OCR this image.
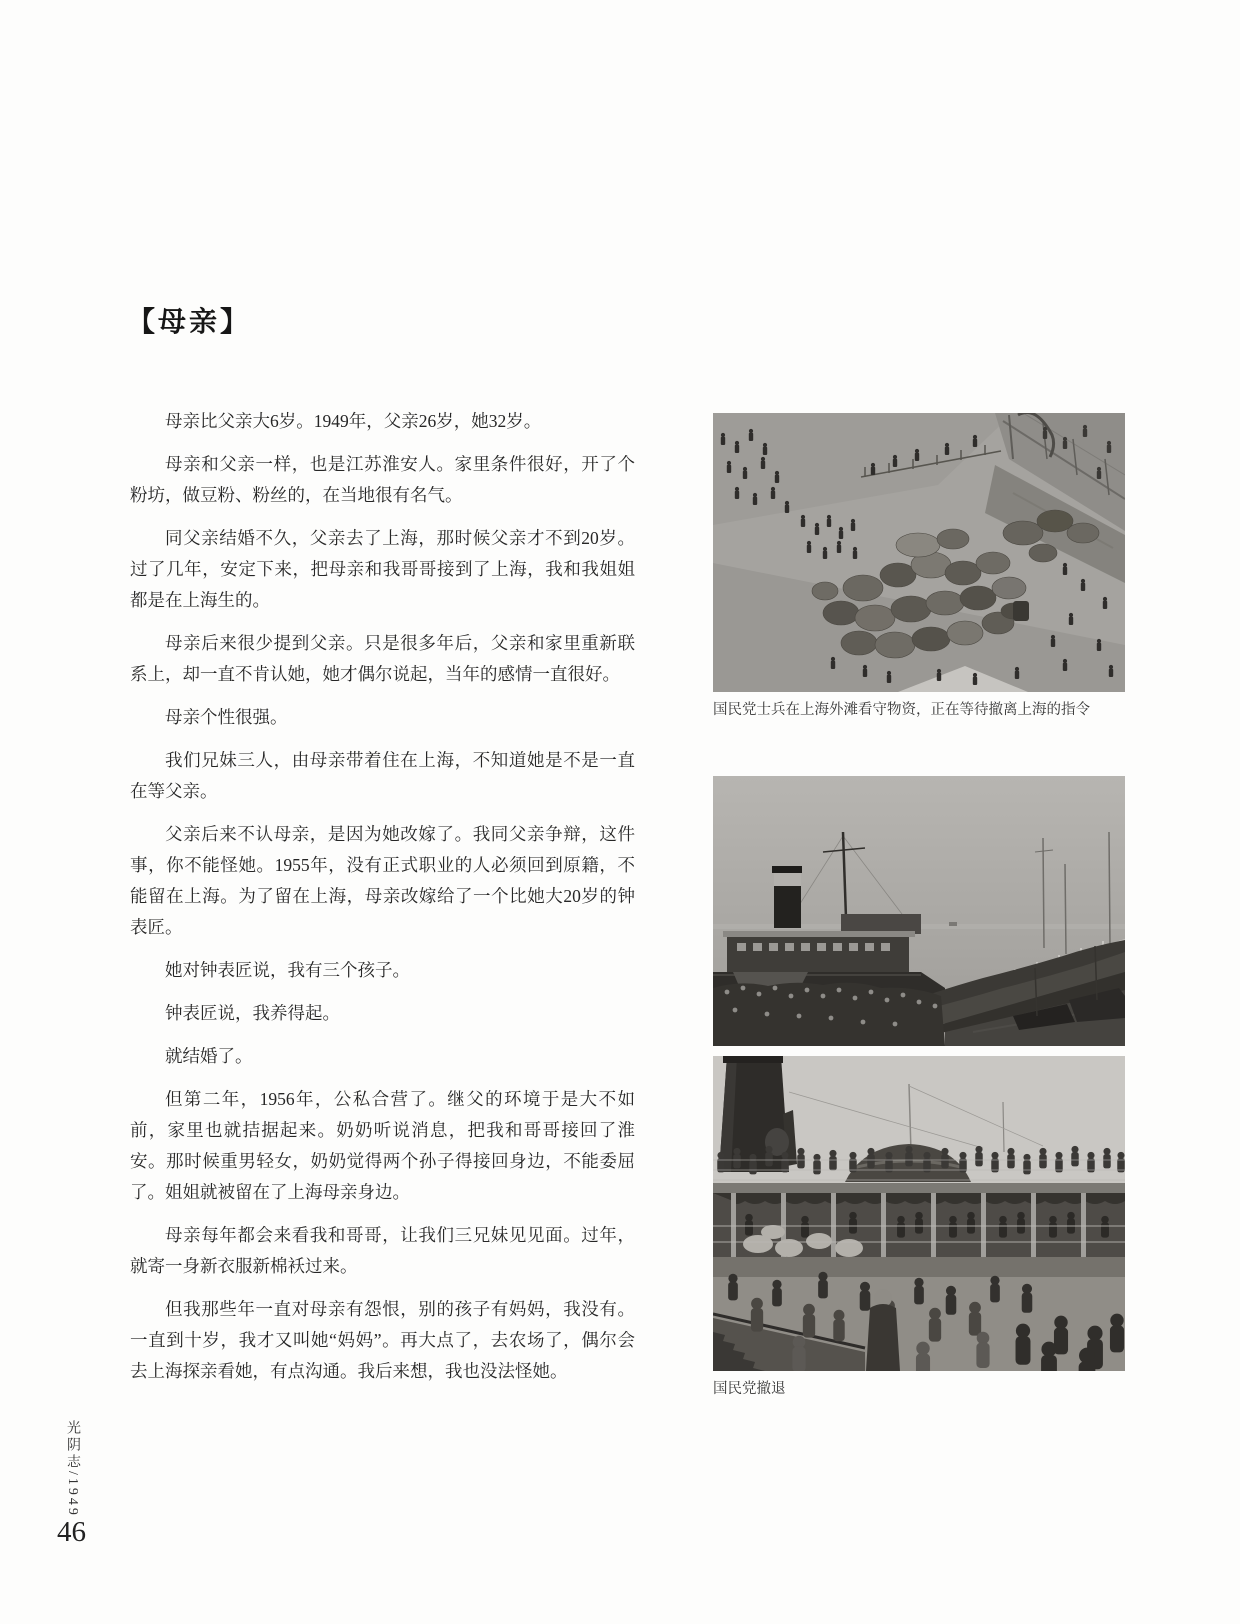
【母亲】

母亲比父亲大6岁。1949年，父亲26岁，她32岁。

母亲和父亲一样，也是江苏淮安人。家里条件很好，开了个粉坊，做豆粉、粉丝的，在当地很有名气。

同父亲结婚不久，父亲去了上海，那时候父亲才不到20岁。过了几年，安定下来，把母亲和我哥哥接到了上海，我和我姐姐都是在上海生的。

母亲后来很少提到父亲。只是很多年后，父亲和家里重新联系上，却一直不肯认她，她才偶尔说起，当年的感情一直很好。

母亲个性很强。

我们兄妹三人，由母亲带着住在上海，不知道她是不是一直在等父亲。

父亲后来不认母亲，是因为她改嫁了。我同父亲争辩，这件事，你不能怪她。1955年，没有正式职业的人必须回到原籍，不能留在上海。为了留在上海，母亲改嫁给了一个比她大20岁的钟表匠。

她对钟表匠说，我有三个孩子。

钟表匠说，我养得起。

就结婚了。

但第二年，1956年，公私合营了。继父的环境于是大不如前，家里也就拮据起来。奶奶听说消息，把我和哥哥接回了淮安。那时候重男轻女，奶奶觉得两个孙子得接回身边，不能委屈了。姐姐就被留在了上海母亲身边。

母亲每年都会来看我和哥哥，让我们三兄妹见见面。过年，就寄一身新衣服新棉袄过来。

但我那些年一直对母亲有怨恨，别的孩子有妈妈，我没有。一直到十岁，我才又叫她“妈妈”。再大点了，去农场了，偶尔会去上海探亲看她，有点沟通。我后来想，我也没法怪她。

国民党士兵在上海外滩看守物资，正在等待撤离上海的指令
国民党撤退
光阴志/1949
46
